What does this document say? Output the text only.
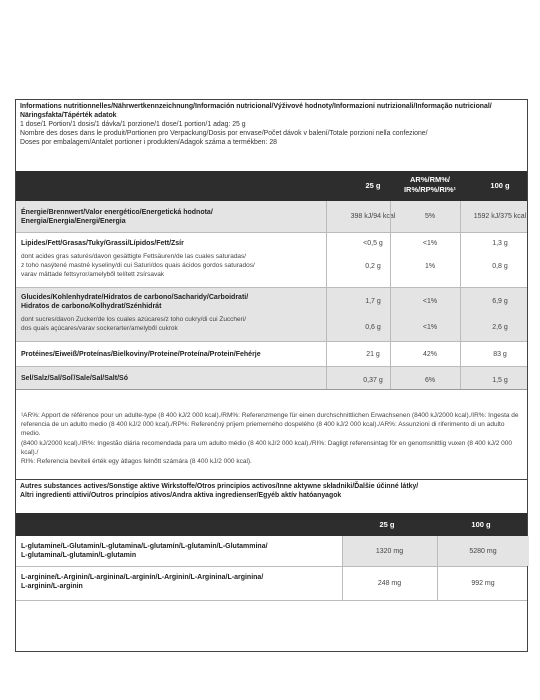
Informations nutritionnelles/Nährwertkennzeichnung/Información nutricional/Výživové hodnoty/Informazioni nutrizionali/Informação nutricional/
Näringsfakta/Tápérték adatok
1 dose/1 Portion/1 dosis/1 dávka/1 porzione/1 dose/1 portion/1 adag: 25 g
Nombre des doses dans le produit/Portionen pro Verpackung/Dosis por envase/Počet dávok v balení/Totale porzioni nella confezione/
Doses por embalagem/Antalet portioner i produkten/Adagok száma a termékben: 28
25 g
AR%/RM%/
IR%/RP%/RI%¹	100 g
Énergie/Brennwert/Valor energético/Energetická hodnota/
Energia/Energia/Energi/Energia
398 kJ/94 kcal	5%	1592 kJ/375 kcal
Lipides/Fett/Grasas/Tuky/Grassi/Lípidos/Fett/Zsír	<0,5 g	<1%	1,3 g
dont acides gras saturés/davon gesättigte Fettsäuren/de las cuales saturadas/
z toho nasýtené mastné kyseliny/di cui Saturi/dos quais ácidos gordos saturados/
varav mättade fettsyror/amelyből telített zsírsavak
0,2 g	1%	0,8 g
Glucides/Kohlenhydrate/Hidratos de carbono/Sacharidy/Carboidrati/
Hidratos de carbono/Kolhydrat/Szénhidrát
1,7 g	<1%	6,9 g
dont sucres/davon Zucker/de los cuales azúcares/z toho cukry/di cui Zuccheri/
dos quais açúcares/varav sockerarter/amelyből cukrok	0,6 g	<1%	2,6 g
Protéines/Eiweiß/Proteínas/Bielkoviny/Proteine/Proteína/Protein/Fehérje	21 g	42%	83 g
Sel/Salz/Sal/Soľ/Sale/Sal/Salt/Só	0,37 g	6%	1,5 g
¹AR%: Apport de référence pour un adulte-type (8 400 kJ/2 000 kcal)./RM%: Referenzmenge für einen durchschnittlichen Erwachsenen (8400 kJ/2000 kcal)./IR%: Ingesta de
referencia de un adulto medio (8 400 kJ/2 000 kcal)./RP%: Referenčný príjem priemerného dospelého (8 400 kJ/2 000 kcal)./AR%: Assunzioni di riferimento di un adulto medio.
(8400 kJ/2000 kcal)./IR%: Ingestão diária recomendada para um adulto médio (8 400 kJ/2 000 kcal)./RI%: Dagligt referensintag för en genomsnittlig vuxen (8 400 kJ/2 000 kcal)./
RI%: Referencia beviteli érték egy átlagos felnőtt számára (8 400 kJ/2 000 kcal).
Autres substances actives/Sonstige aktive Wirkstoffe/Otros principios activos/Inne aktywne składniki/Ďalšie účinné látky/
Altri ingredienti attivi/Outros princípios ativos/Andra aktiva ingredienser/Egyéb aktív hatóanyagok
25 g	100 g
L-glutamine/L-Glutamin/L-glutamina/L-glutamín/L-glutamin/L-Glutammina/
L-glutamina/L-glutamin/L-glutamin
1320 mg	5280 mg
L-arginine/L-Arginin/L-arginina/L-arginín/L-Arginin/L-Arginina/L-arginina/
L-arginin/L-arginin	248 mg	992 mg
